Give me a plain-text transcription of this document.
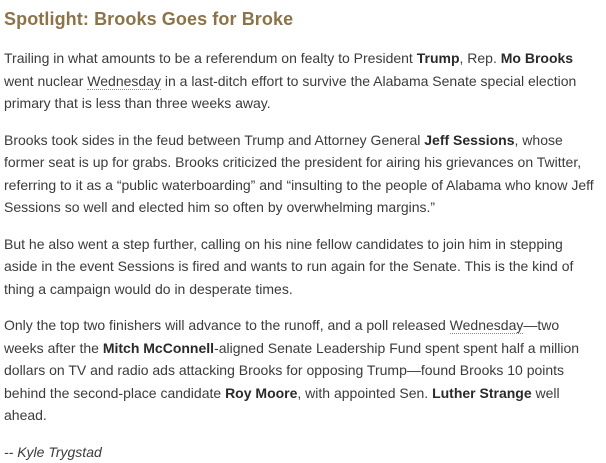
Spotlight: Brooks Goes for Broke

Trailing in what amounts to be a referendum on fealty to President Trump, Rep. Mo Brooks went nuclear Wednesday in a last-ditch effort to survive the Alabama Senate special election primary that is less than three weeks away.

Brooks took sides in the feud between Trump and Attorney General Jeff Sessions, whose former seat is up for grabs. Brooks criticized the president for airing his grievances on Twitter, referring to it as a “public waterboarding” and “insulting to the people of Alabama who know Jeff Sessions so well and elected him so often by overwhelming margins.”

But he also went a step further, calling on his nine fellow candidates to join him in stepping aside in the event Sessions is fired and wants to run again for the Senate. This is the kind of thing a campaign would do in desperate times.

Only the top two finishers will advance to the runoff, and a poll released Wednesday—two weeks after the Mitch McConnell-aligned Senate Leadership Fund spent spent half a million dollars on TV and radio ads attacking Brooks for opposing Trump—found Brooks 10 points behind the second-place candidate Roy Moore, with appointed Sen. Luther Strange well ahead.

-- Kyle Trygstad
